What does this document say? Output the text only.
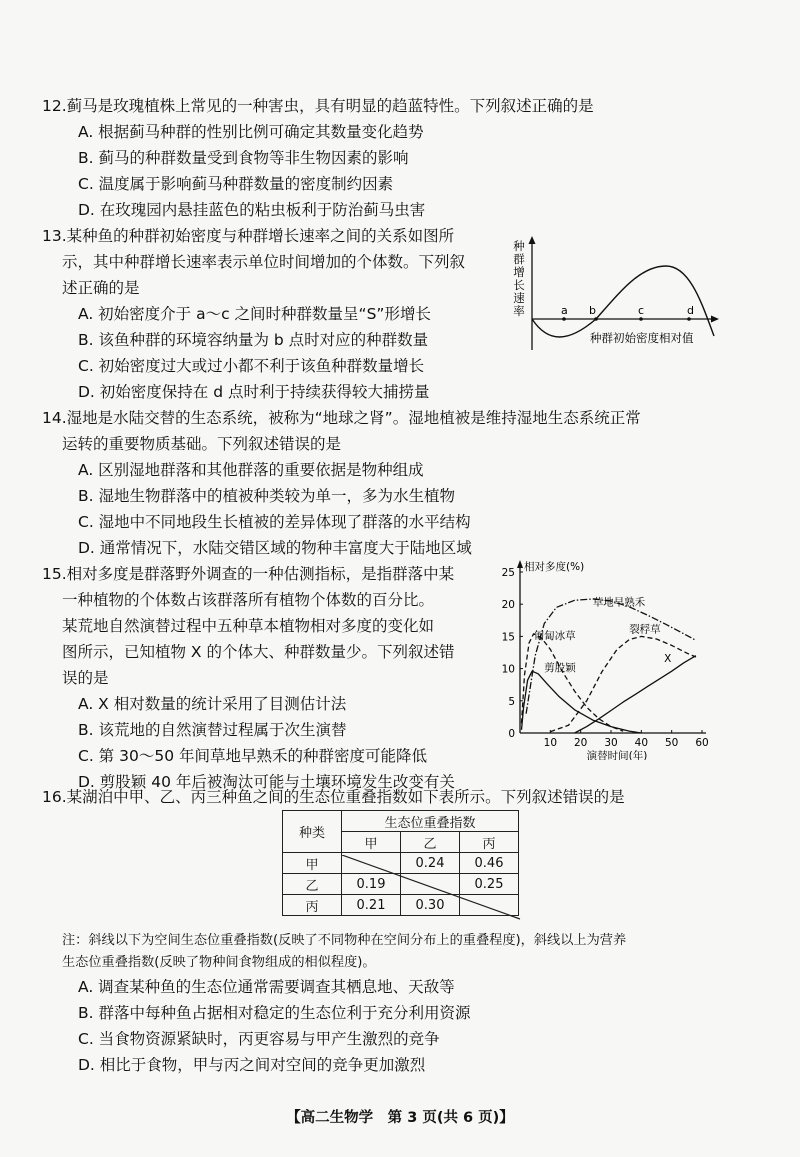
12.蓟马是玫瑰植株上常见的一种害虫，具有明显的趋蓝特性。下列叙述正确的是
A. 根据蓟马种群的性别比例可确定其数量变化趋势
B. 蓟马的种群数量受到食物等非生物因素的影响
C. 温度属于影响蓟马种群数量的密度制约因素
D. 在玫瑰园内悬挂蓝色的粘虫板利于防治蓟马虫害
13.某种鱼的种群初始密度与种群增长速率之间的关系如图所
示，其中种群增长速率表示单位时间增加的个体数。下列叙
述正确的是
A. 初始密度介于 a～c 之间时种群数量呈“S”形增长
B. 该鱼种群的环境容纳量为 b 点时对应的种群数量
C. 初始密度过大或过小都不利于该鱼种群数量增长
D. 初始密度保持在 d 点时利于持续获得较大捕捞量
a b	c	d
种群初始密度相对值
种群增长速率
14.湿地是水陆交替的生态系统，被称为“地球之肾”。湿地植被是维持湿地生态系统正常
运转的重要物质基础。下列叙述错误的是
A. 区别湿地群落和其他群落的重要依据是物种组成
B. 湿地生物群落中的植被种类较为单一，多为水生植物
C. 湿地中不同地段生长植被的差异体现了群落的水平结构
D. 通常情况下，水陆交错区域的物种丰富度大于陆地区域
15.相对多度是群落野外调查的一种估测指标，是指群落中某
一种植物的个体数占该群落所有植物个体数的百分比。
某荒地自然演替过程中五种草本植物相对多度的变化如
图所示，已知植物 X 的个体大、种群数量少。下列叙述错
误的是
A. X 相对数量的统计采用了目测估计法
B. 该荒地的自然演替过程属于次生演替
C. 第 30～50 年间草地早熟禾的种群密度可能降低
D. 剪股颖 40 年后被淘汰可能与土壤环境发生改变有关
0
5
10
15
20
25
10 20 30 40 50 60
相对多度(%)
演替时间(年)
草地早熟禾
匍匐冰草
裂稃草
剪股颖
X
16.某湖泊中甲、乙、丙三种鱼之间的生态位重叠指数如下表所示。下列叙述错误的是
种类	生态位重叠指数		
	甲	乙	丙
甲		0.24	0.46
乙	0.19		0.25
丙	0.21	0.30	
注：斜线以下为空间生态位重叠指数(反映了不同物种在空间分布上的重叠程度)，斜线以上为营养
生态位重叠指数(反映了物种间食物组成的相似程度)。
A. 调查某种鱼的生态位通常需要调查其栖息地、天敌等
B. 群落中每种鱼占据相对稳定的生态位利于充分利用资源
C. 当食物资源紧缺时，丙更容易与甲产生激烈的竞争
D. 相比于食物，甲与丙之间对空间的竞争更加激烈
【高二生物学　第 3 页(共 6 页)】
